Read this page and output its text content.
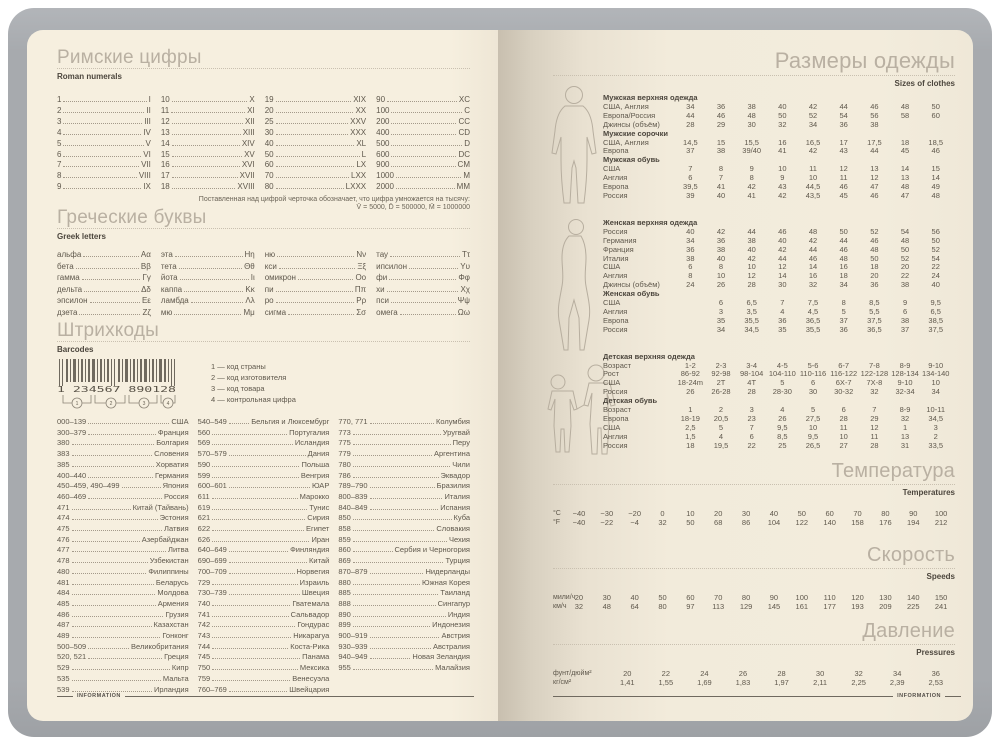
Римские цифры
Roman numerals
1	I
2	II
3	III
4	IV
5	V
6	VI
7	VII
8	VIII
9	IX
10	X
11	XI
12	XII
13	XIII
14	XIV
15	XV
16	XVI
17	XVII
18	XVIII
19	XIX
20	XX
25	XXV
30	XXX
40	XL
50	L
60	LX
70	LXX
80	LXXX
90	XC
100	C
200	CC
400	CD
500	D
600	DC
900	CM
1000	M
2000	MM
Поставленная над цифрой черточка обозначает, что цифра умножается на тысячу:
V̄ = 5000, D̄ = 500000, M̄ = 1000000
Греческие буквы
Greek letters
альфа	Αα
бета	Ββ
гамма	Γγ
дельта	Δδ
эпсилон	Εε
дзета	Ζζ
эта	Ηη
тета	Θθ
йота	Ιι
каппа	Κκ
ламбда	Λλ
мю	Μμ
ню	Νν
кси	Ξξ
омикрон	Οο
пи	Ππ
ро	Ρρ
сигма	Σσ
тау	Ττ
ипсилон	Υυ
фи	Φφ
хи	Χχ
пси	Ψψ
омега	Ωω
Штрихкоды
Barcodes
1 234567 890128
1	2	3	4
1 — код страны
2 — код изготовителя
3 — код товара
4 — контрольная цифра
000–139	США
300–379	Франция
380	Болгария
383	Словения
385	Хорватия
400–440	Германия
450–459, 490–499	Япония
460–469	Россия
471	Китай (Тайвань)
474	Эстония
475	Латвия
476	Азербайджан
477	Литва
478	Узбекистан
480	Филиппины
481	Беларусь
484	Молдова
485	Армения
486	Грузия
487	Казахстан
489	Гонконг
500–509	Великобритания
520, 521	Греция
529	Кипр
535	Мальта
539	Ирландия
540–549	Бельгия и Люксембург
560	Португалия
569	Исландия
570–579	Дания
590	Польша
599	Венгрия
600–601	ЮАР
611	Марокко
619	Тунис
621	Сирия
622	Египет
626	Иран
640–649	Финляндия
690–699	Китай
700–709	Норвегия
729	Израиль
730–739	Швеция
740	Гватемала
741	Сальвадор
742	Гондурас
743	Никарагуа
744	Коста-Рика
745	Панама
750	Мексика
759	Венесуэла
760–769	Швейцария
770, 771	Колумбия
773	Уругвай
775	Перу
779	Аргентина
780	Чили
786	Эквадор
789–790	Бразилия
800–839	Италия
840–849	Испания
850	Куба
858	Словакия
859	Чехия
860	Сербия и Черногория
869	Турция
870–879	Нидерланды
880	Южная Корея
885	Таиланд
888	Сингапур
890	Индия
899	Индонезия
900–919	Австрия
930–939	Австралия
940–949	Новая Зеландия
955	Малайзия
INFORMATION
Размеры одежды
Sizes of clothes
Мужская верхняя одежда
США, Англия	34	36	38	40	42	44	46	48	50
Европа/Россия	44	46	48	50	52	54	56	58	60
Джинсы (объём)	28	29	30	32	34	36	38
Мужские сорочки
США, Англия	14,5	15	15,5	16	16,5	17	17,5	18	18,5
Европа	37	38	39/40	41	42	43	44	45	46
Мужская обувь
США	7	8	9	10	11	12	13	14	15
Англия	6	7	8	9	10	11	12	13	14
Европа	39,5	41	42	43	44,5	46	47	48	49
Россия	39	40	41	42	43,5	45	46	47	48
Женская верхняя одежда
Россия	40	42	44	46	48	50	52	54	56
Германия	34	36	38	40	42	44	46	48	50
Франция	36	38	40	42	44	46	48	50	52
Италия	38	40	42	44	46	48	50	52	54
США	6	8	10	12	14	16	18	20	22
Англия	8	10	12	14	16	18	20	22	24
Джинсы (объём)	24	26	28	30	32	34	36	38	40
Женская обувь
США	6	6,5	7	7,5	8	8,5	9	9,5
Англия	3	3,5	4	4,5	5	5,5	6	6,5
Европа	35	35,5	36	36,5	37	37,5	38	38,5
Россия	34	34,5	35	35,5	36	36,5	37	37,5
Детская верхняя одежда
Возраст	1-2	2-3	3-4	4-5	5-6	6-7	7-8	8-9	9-10
Рост	86-92	92-98	98-104 104-110 110-116 116-122 122-128 128-134 134-140
США	18-24m	2T	4T	5	6	6X-7	7X-8	9-10	10
Россия	26	26-28	28	28-30	30	30-32	32	32-34	34
Детская обувь
Возраст	1	2	3	4	5	6	7	8-9	10-11
Европа	18-19	20,5	23	26	27,5	28	29	32	34,5
США	2,5	5	7	9,5	10	11	12	1	3
Англия	1,5	4	6	8,5	9,5	10	11	13	2
Россия	18	19,5	22	25	26,5	27	28	31	33,5
Температура
Temperatures
°C	−40	−30	−20	0	10	20	30	40	50	60	70	80	90	100
°F	−40	−22	−4	32	50	68	86	104	122	140	158	176	194	212
Скорость
Speeds
мили/ч 20	30	40	50	60	70	80	90	100	110	120	130	140	150
км/ч	32	48	64	80	97	113	129	145	161	177	193	209	225	241
Давление
Pressures
фунт/дюйм²	20	22	24	26	28	30	32	34	36
кг/см²	1,41	1,55	1,69	1,83	1,97	2,11	2,25	2,39	2,53
INFORMATION
